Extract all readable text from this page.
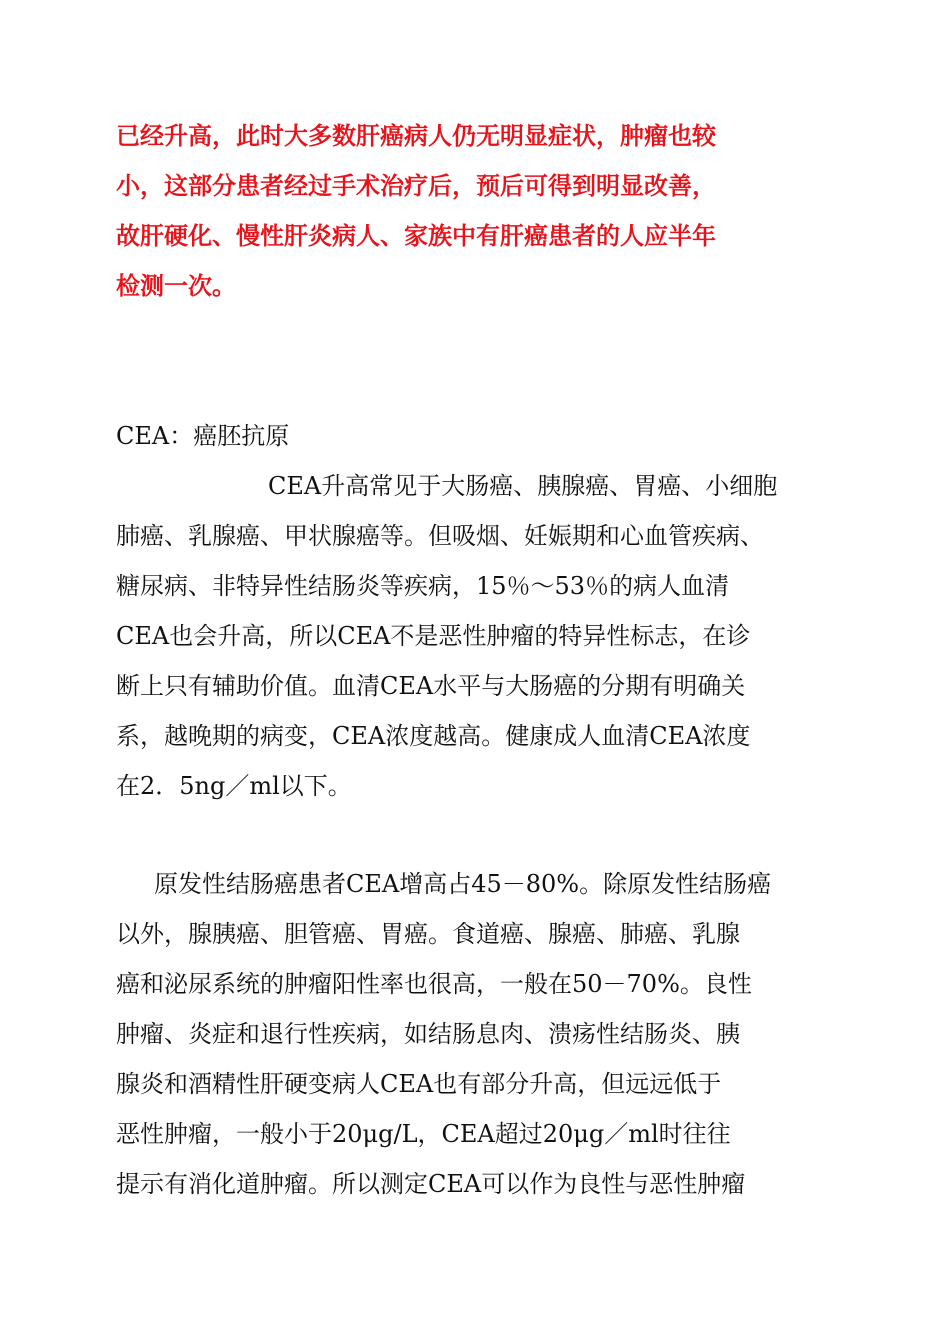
已经升高，此时大多数肝癌病人仍无明显症状，肿瘤也较
小，这部分患者经过手术治疗后，预后可得到明显改善，
故肝硬化、慢性肝炎病人、家族中有肝癌患者的人应半年
检测一次。
CEA：癌胚抗原
CEA升高常见于大肠癌、胰腺癌、胃癌、小细胞
肺癌、乳腺癌、甲状腺癌等。但吸烟、妊娠期和心血管疾病、
糖尿病、非特异性结肠炎等疾病，15％～53％的病人血清
CEA也会升高，所以CEA不是恶性肿瘤的特异性标志，在诊
断上只有辅助价值。血清CEA水平与大肠癌的分期有明确关
系，越晚期的病变，CEA浓度越高。健康成人血清CEA浓度
在2．5ng／ml以下。
原发性结肠癌患者CEA增高占45－80%。除原发性结肠癌
以外，腺胰癌、胆管癌、胃癌。食道癌、腺癌、肺癌、乳腺
癌和泌尿系统的肿瘤阳性率也很高，一般在50－70%。良性
肿瘤、炎症和退行性疾病，如结肠息肉、溃疡性结肠炎、胰
腺炎和酒精性肝硬变病人CEA也有部分升高，但远远低于
恶性肿瘤，一般小于20μg/L，CEA超过20μg／ml时往往
提示有消化道肿瘤。所以测定CEA可以作为良性与恶性肿瘤
